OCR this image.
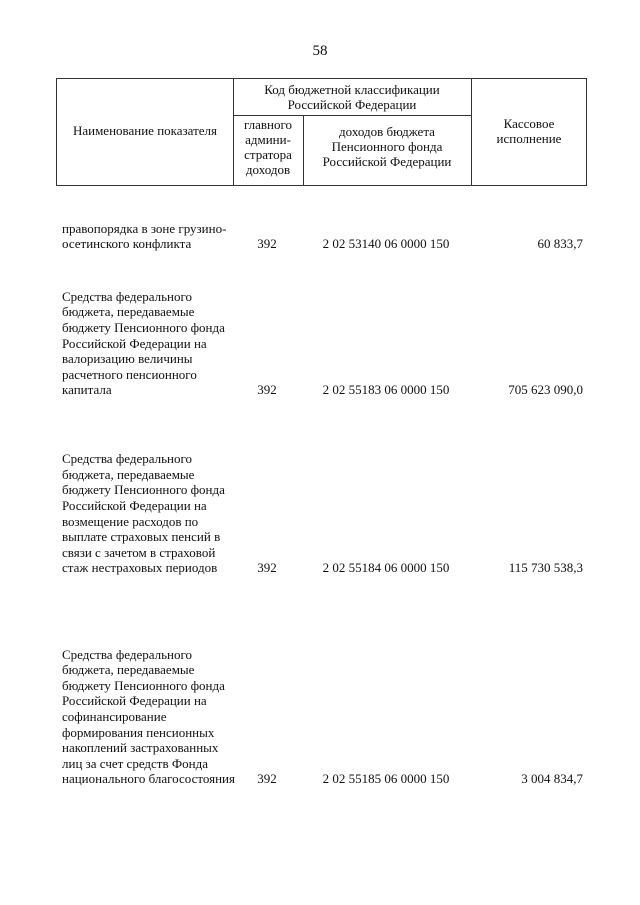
58
Наименование показателя
Код бюджетной классификации Российской Федерации
главного админи-стратора доходов
доходов бюджета Пенсионного фонда Российской Федерации
Кассовое исполнение
правопорядка в зоне грузино-осетинского конфликта	392	2 02 53140 06 0000 150	60 833,7
Средства федерального бюджета, передаваемые бюджету Пенсионного фонда Российской Федерации на валоризацию величины расчетного пенсионного капитала	392	2 02 55183 06 0000 150	705 623 090,0
Средства федерального бюджета, передаваемые бюджету Пенсионного фонда Российской Федерации на возмещение расходов по выплате страховых пенсий в связи с зачетом в страховой стаж нестраховых периодов	392	2 02 55184 06 0000 150	115 730 538,3
Средства федерального бюджета, передаваемые бюджету Пенсионного фонда Российской Федерации на софинансирование формирования пенсионных накоплений застрахованных лиц за счет средств Фонда национального благосостояния	392	2 02 55185 06 0000 150	3 004 834,7
